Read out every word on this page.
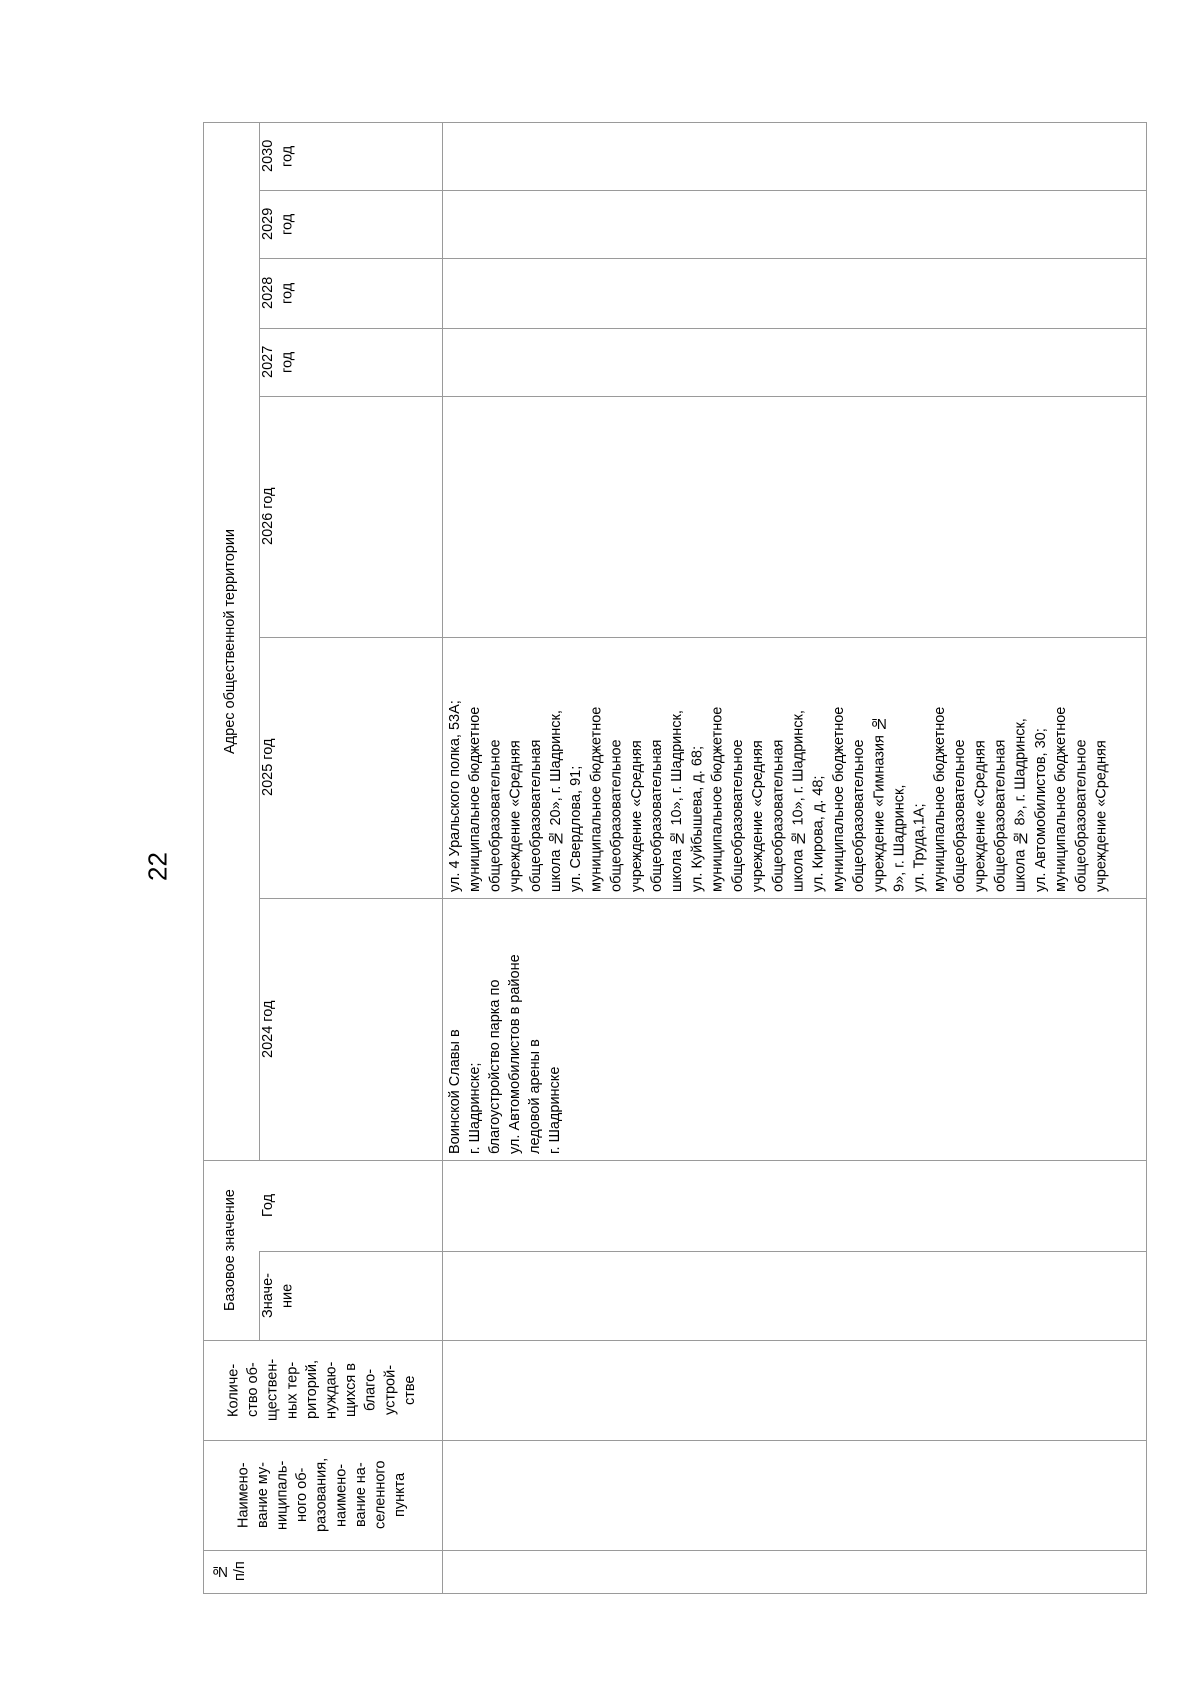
22
№
п/п
Наимено-
вание му-
ниципаль-
ного об-
разования,
наимено-
вание на-
селенного
пункта
Количе-
ство об-
ществен-
ных тер-
риторий,
нуждаю-
щихся в
благо-
устрой-
стве
Базовое значение	Значе-
ние
Год
Адрес общественной территории
2024 год
2025 год
2026 год
2027
год
2028
год
2029
год
2030
год
Воинской Славы в
г. Шадринске;
благоустройство парка по
ул. Автомобилистов в районе
ледовой арены в
г. Шадринске
ул. 4 Уральского полка, 53А;
муниципальное бюджетное
общеобразовательное
учреждение «Средняя
общеобразовательная
школа № 20», г. Шадринск,
ул. Свердлова, 91;
муниципальное бюджетное
общеобразовательное
учреждение «Средняя
общеобразовательная
школа № 10», г. Шадринск,
ул. Куйбышева, д. 68;
муниципальное бюджетное
общеобразовательное
учреждение «Средняя
общеобразовательная
школа № 10», г. Шадринск,
ул. Кирова, д. 48;
муниципальное бюджетное
общеобразовательное
учреждение «Гимназия №
9», г. Шадринск,
ул. Труда,1А;
муниципальное бюджетное
общеобразовательное
учреждение «Средняя
общеобразовательная
школа № 8», г. Шадринск,
ул. Автомобилистов, 30;
муниципальное бюджетное
общеобразовательное
учреждение «Средняя
